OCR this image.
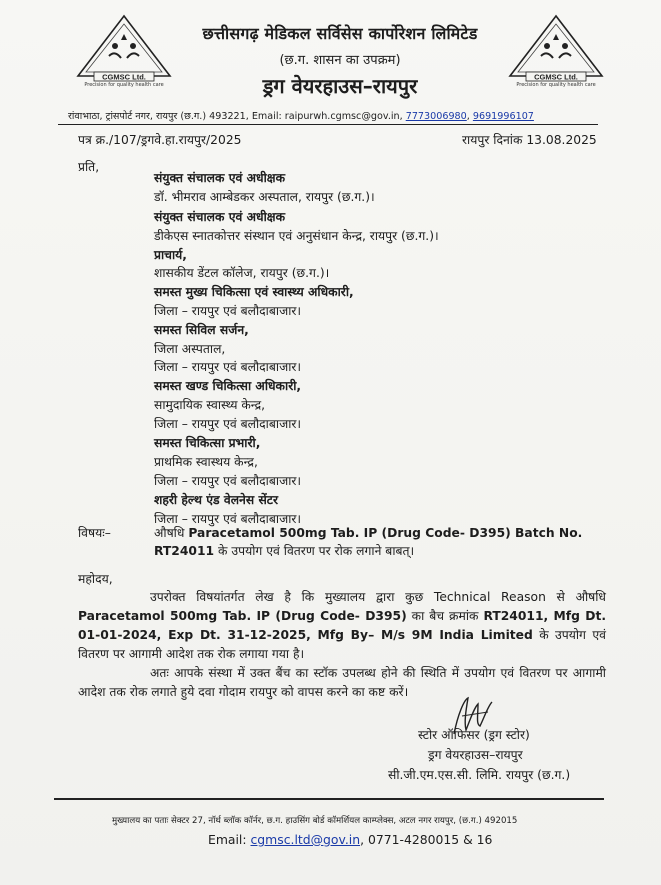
CGMSC Ltd.
Precision for quality health care
छत्तीसगढ़ मेडिकल सर्विसेस कार्पोरेशन लिमिटेड
(छ.ग. शासन का उपक्रम)
ड्रग वेयरहाउस–रायपुर	CGMSC Ltd.
Precision for quality health care
रांवाभाठा, ट्रांसपोर्ट नगर, रायपुर (छ.ग.) 493221, Email: raipurwh.cgmsc@gov.in, 7773006980, 9691996107
पत्र क्र./107/ड्रगवे.हा.रायपुर/2025	रायपुर दिनांक 13.08.2025
प्रति,
संयुक्त संचालक एवं अधीक्षक
डॉ. भीमराव आम्बेडकर अस्पताल, रायपुर (छ.ग.)।
संयुक्त संचालक एवं अधीक्षक
डीकेएस स्नातकोत्तर संस्थान एवं अनुसंधान केन्द्र, रायपुर (छ.ग.)।
प्राचार्य,
शासकीय डेंटल कॉलेज, रायपुर (छ.ग.)।
समस्त मुख्य चिकित्सा एवं स्वास्थ्य अधिकारी,
जिला – रायपुर एवं बलौदाबाजार।
समस्त सिविल सर्जन,
जिला अस्पताल,
जिला – रायपुर एवं बलौदाबाजार।
समस्त खण्ड चिकित्सा अधिकारी,
सामुदायिक स्वास्थ्य केन्द्र,
जिला – रायपुर एवं बलौदाबाजार।
समस्त चिकित्सा प्रभारी,
प्राथमिक स्वास्थय केन्द्र,
जिला – रायपुर एवं बलौदाबाजार।
शहरी हेल्थ एंड वेलनेस सेंटर
जिला – रायपुर एवं बलौदाबाजार।
विषयः–	औषधि Paracetamol 500mg Tab. IP (Drug Code- D395) Batch No. RT24011 के उपयोग एवं वितरण पर रोक लगाने बाबत्।
महोदय,
उपरोक्त विषयांतर्गत लेख है कि मुख्यालय द्वारा कुछ Technical Reason से औषधि Paracetamol 500mg Tab. IP (Drug Code- D395) का बैच क्रमांक RT24011, Mfg Dt. 01-01-2024, Exp Dt. 31-12-2025, Mfg By– M/s 9M India Limited के उपयोग एवं वितरण पर आगामी आदेश तक रोक लगाया गया है।
अतः आपके संस्था में उक्त बैंच का स्टॉक उपलब्ध होने की स्थिति में उपयोग एवं वितरण पर आगामी आदेश तक रोक लगाते हुये दवा गोदाम रायपुर को वापस करने का कष्ट करें।
स्टोर ऑफिसर (ड्रग स्टोर)
ड्रग वेयरहाउस–रायपुर
सी.जी.एम.एस.सी. लिमि. रायपुर (छ.ग.)
मुख्यालय का पताः सेक्टर 27, नॉर्थ ब्लॉक कॉर्नर, छ.ग. हाउसिंग बोर्ड कॉमर्शियल काम्प्लेक्स, अटल नगर रायपुर, (छ.ग.) 492015
Email: cgmsc.ltd@gov.in, 0771-4280015 & 16
